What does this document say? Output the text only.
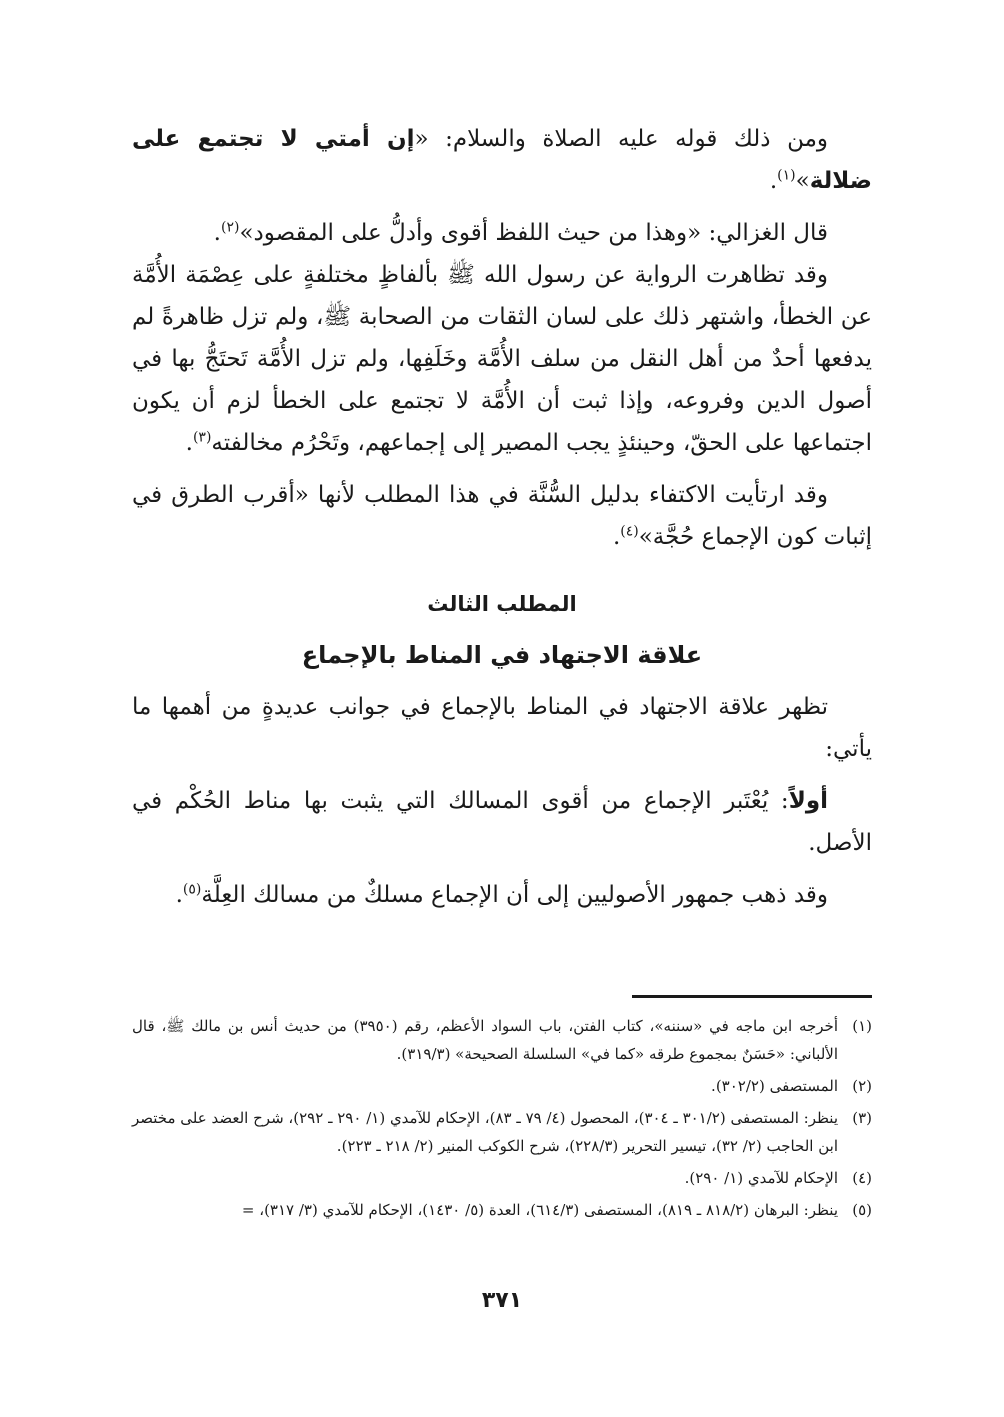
ومن ذلك قوله عليه الصلاة والسلام: «إن أمتي لا تجتمع على ضلالة»$^{(١)}$.

قال الغزالي: «وهذا من حيث اللفظ أقوى وأدلُّ على المقصود»$^{(٢)}$.

وقد تظاهرت الرواية عن رسول الله ﷺ بألفاظٍ مختلفةٍ على عِصْمَة الأُمَّة عن الخطأ، واشتهر ذلك على لسان الثقات من الصحابة ﷺ، ولم تزل ظاهرةً لم يدفعها أحدٌ من أهل النقل من سلف الأُمَّة وخَلَفِها، ولم تزل الأُمَّة تَحتَجُّ بها في أصول الدين وفروعه، وإذا ثبت أن الأُمَّة لا تجتمع على الخطأ لزم أن يكون اجتماعها على الحقّ، وحينئذٍ يجب المصير إلى إجماعهم، وتَحْرُم مخالفته$^{(٣)}$.

وقد ارتأيت الاكتفاء بدليل السُّنَّة في هذا المطلب لأنها «أقرب الطرق في إثبات كون الإجماع حُجَّة»$^{(٤)}$.

المطلب الثالث
علاقة الاجتهاد في المناط بالإجماع

تظهر علاقة الاجتهاد في المناط بالإجماع في جوانب عديدةٍ من أهمها ما يأتي:

أولاً: يُعْتَبر الإجماع من أقوى المسالك التي يثبت بها مناط الحُكْم في الأصل.

وقد ذهب جمهور الأصوليين إلى أن الإجماع مسلكٌ من مسالك العِلَّة$^{(٥)}$.

(١)
أخرجه ابن ماجه في «سننه»، كتاب الفتن، باب السواد الأعظم، رقم (٣٩٥٠) من حديث أنس بن مالك ﷺ، قال الألباني: «حَسَنٌ بمجموع طرقه «كما في» السلسلة الصحيحة» (٣١٩/٣).
(٢)
المستصفى (٣٠٢/٢).
(٣)
ينظر: المستصفى (٣٠١/٢ ـ ٣٠٤)، المحصول (٤/ ٧٩ ـ ٨٣)، الإحكام للآمدي (١/ ٢٩٠ ـ ٢٩٢)، شرح العضد على مختصر ابن الحاجب (٢/ ٣٢)، تيسير التحرير (٢٢٨/٣)، شرح الكوكب المنير (٢/ ٢١٨ ـ ٢٢٣).
(٤)
الإحكام للآمدي (١/ ٢٩٠).
(٥)
ينظر: البرهان (٨١٨/٢ ـ ٨١٩)، المستصفى (٦١٤/٣)، العدة (٥/ ١٤٣٠)، الإحكام للآمدي (٣/ ٣١٧)، =
٣٧١
